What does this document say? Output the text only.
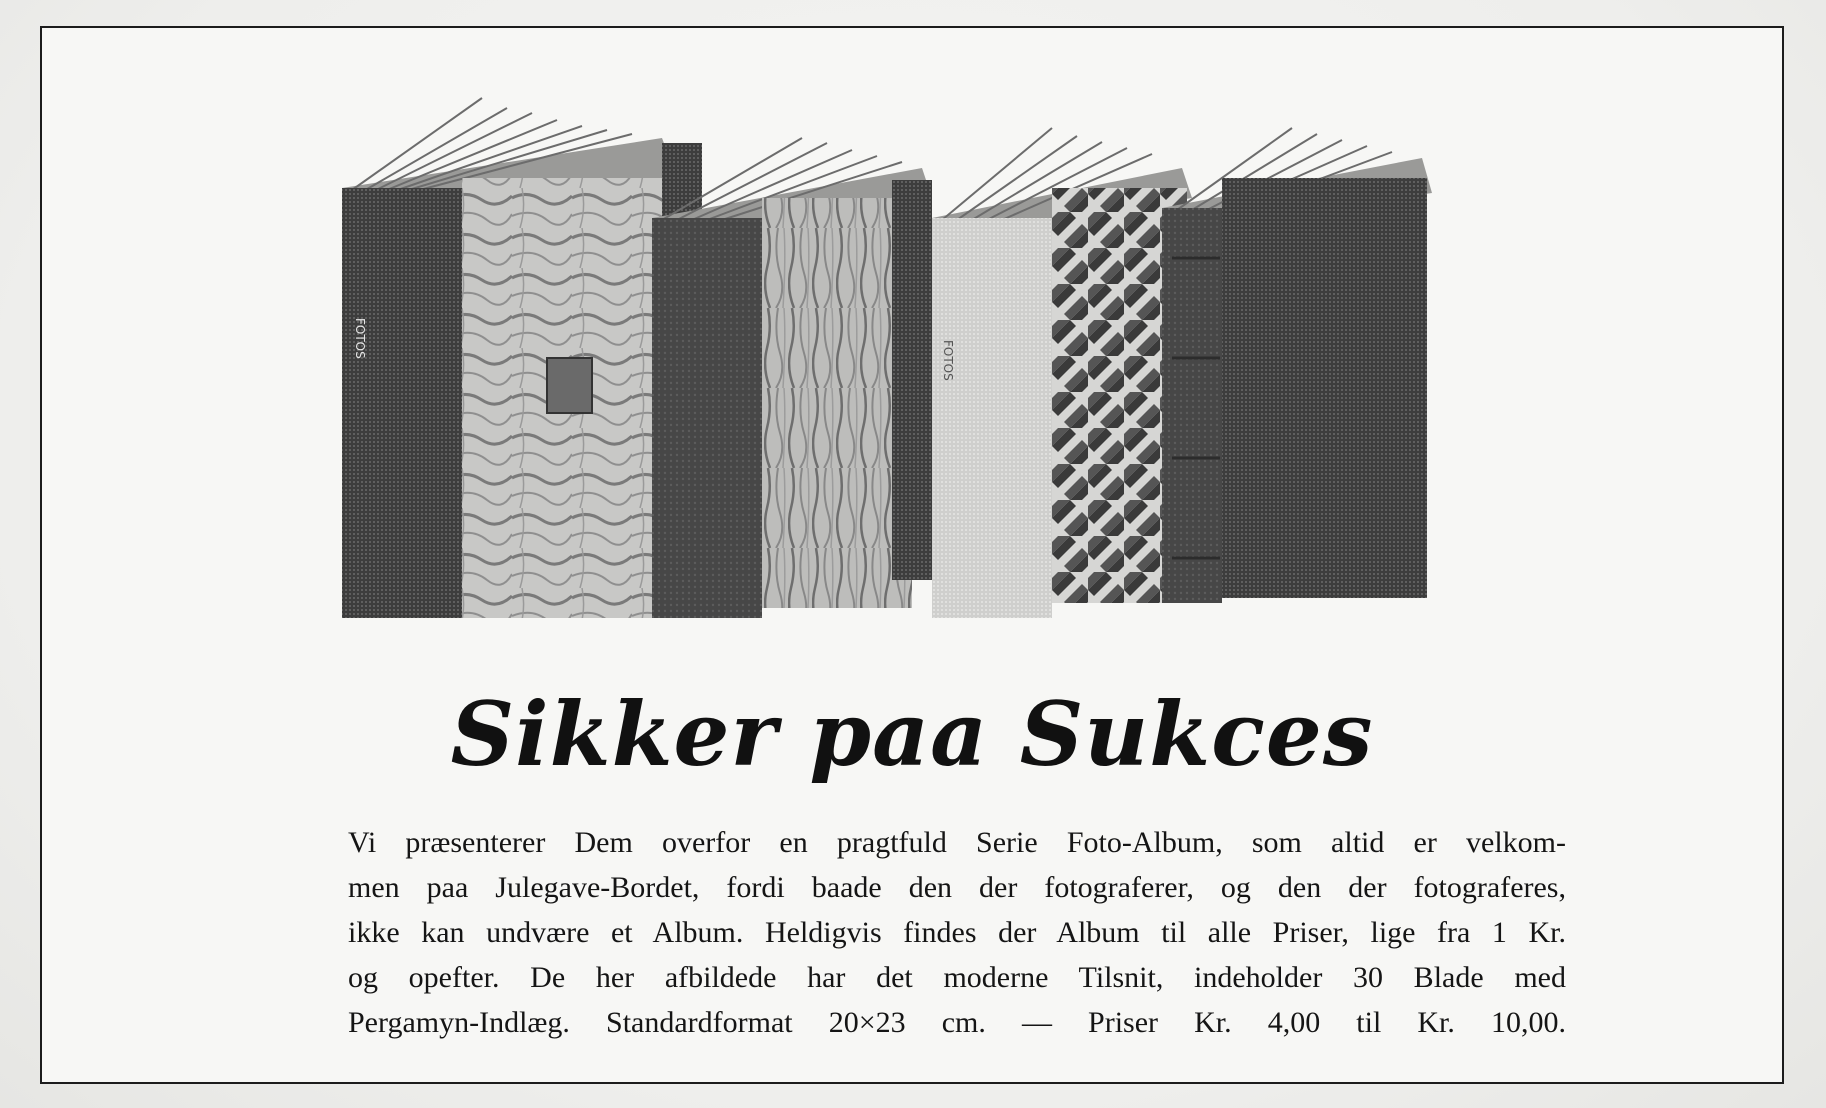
FOTOS
FOTOS
Sikker paa Sukces

Vi præsenterer Dem overfor en pragtfuld Serie Foto-Album, som altid er velkom-
men paa Julegave-Bordet, fordi baade den der fotograferer, og den der fotograferes,
ikke kan undvære et Album. Heldigvis findes der Album til alle Priser, lige fra 1 Kr.
og opefter. De her afbildede har det moderne Tilsnit, indeholder 30 Blade med
Pergamyn-Indlæg. Standardformat 20×23 cm. — Priser Kr. 4,00 til Kr. 10,00.
